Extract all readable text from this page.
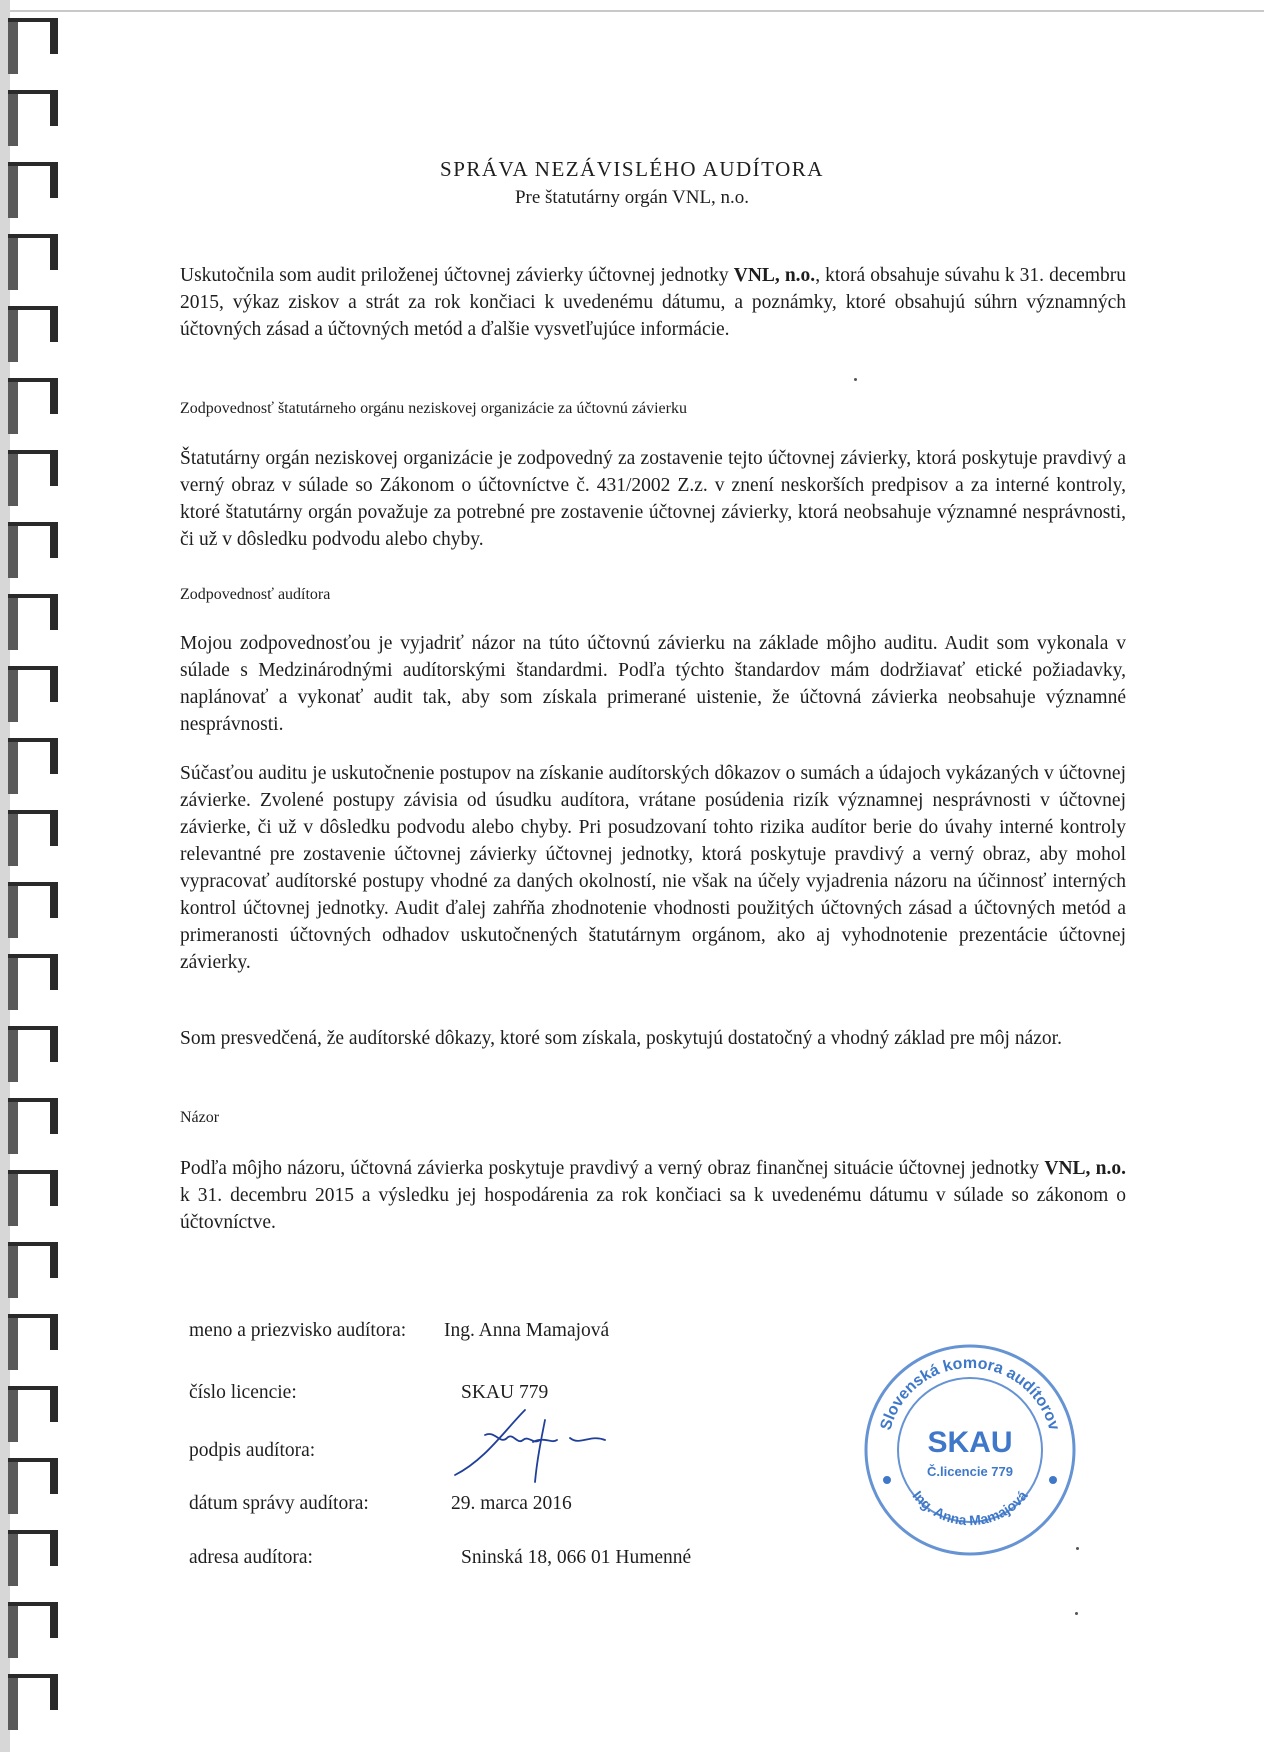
SPRÁVA NEZÁVISLÉHO AUDÍTORA
Pre štatutárny orgán VNL, n.o.

Uskutočnila som audit priloženej účtovnej závierky účtovnej jednotky VNL, n.o., ktorá obsahuje súvahu k 31. decembru 2015, výkaz ziskov a strát za rok končiaci k uvedenému dátumu, a poznámky, ktoré obsahujú súhrn významných účtovných zásad a účtovných metód a ďalšie vysvetľujúce informácie.

Zodpovednosť štatutárneho orgánu neziskovej organizácie za účtovnú závierku

Štatutárny orgán neziskovej organizácie je zodpovedný za zostavenie tejto účtovnej závierky, ktorá poskytuje pravdivý a verný obraz v súlade so Zákonom o účtovníctve č. 431/2002 Z.z. v znení neskorších predpisov a za interné kontroly, ktoré štatutárny orgán považuje za potrebné pre zostavenie účtovnej závierky, ktorá neobsahuje významné nesprávnosti, či už v dôsledku podvodu alebo chyby.

Zodpovednosť audítora

Mojou zodpovednosťou je vyjadriť názor na túto účtovnú závierku na základe môjho auditu. Audit som vykonala v súlade s Medzinárodnými audítorskými štandardmi. Podľa týchto štandardov mám dodržiavať etické požiadavky, naplánovať a vykonať audit tak, aby som získala primerané uistenie, že účtovná závierka neobsahuje významné nesprávnosti.

Súčasťou auditu je uskutočnenie postupov na získanie audítorských dôkazov o sumách a údajoch vykázaných v účtovnej závierke. Zvolené postupy závisia od úsudku audítora, vrátane posúdenia rizík významnej nesprávnosti v účtovnej závierke, či už v dôsledku podvodu alebo chyby. Pri posudzovaní tohto rizika audítor berie do úvahy interné kontroly relevantné pre zostavenie účtovnej závierky účtovnej jednotky, ktorá poskytuje pravdivý a verný obraz, aby mohol vypracovať audítorské postupy vhodné za daných okolností, nie však na účely vyjadrenia názoru na účinnosť interných kontrol účtovnej jednotky. Audit ďalej zahŕňa zhodnotenie vhodnosti použitých účtovných zásad a účtovných metód a primeranosti účtovných odhadov uskutočnených štatutárnym orgánom, ako aj vyhodnotenie prezentácie účtovnej závierky.

Som presvedčená, že audítorské dôkazy, ktoré som získala, poskytujú dostatočný a vhodný základ pre môj názor.

Názor

Podľa môjho názoru, účtovná závierka poskytuje pravdivý a verný obraz finančnej situácie účtovnej jednotky VNL, n.o. k 31. decembru 2015 a výsledku jej hospodárenia za rok končiaci sa k uvedenému dátumu v súlade so zákonom o účtovníctve.

meno a priezvisko audítora: Ing. Anna Mamajová
číslo licencie:	SKAU 779
podpis audítora:
dátum správy audítora:	29. marca 2016
adresa audítora:	Sninská 18, 066 01 Humenné
Slovenská komora audítorov
SKAU
Č.licencie 779
Ing. Anna Mamajová
